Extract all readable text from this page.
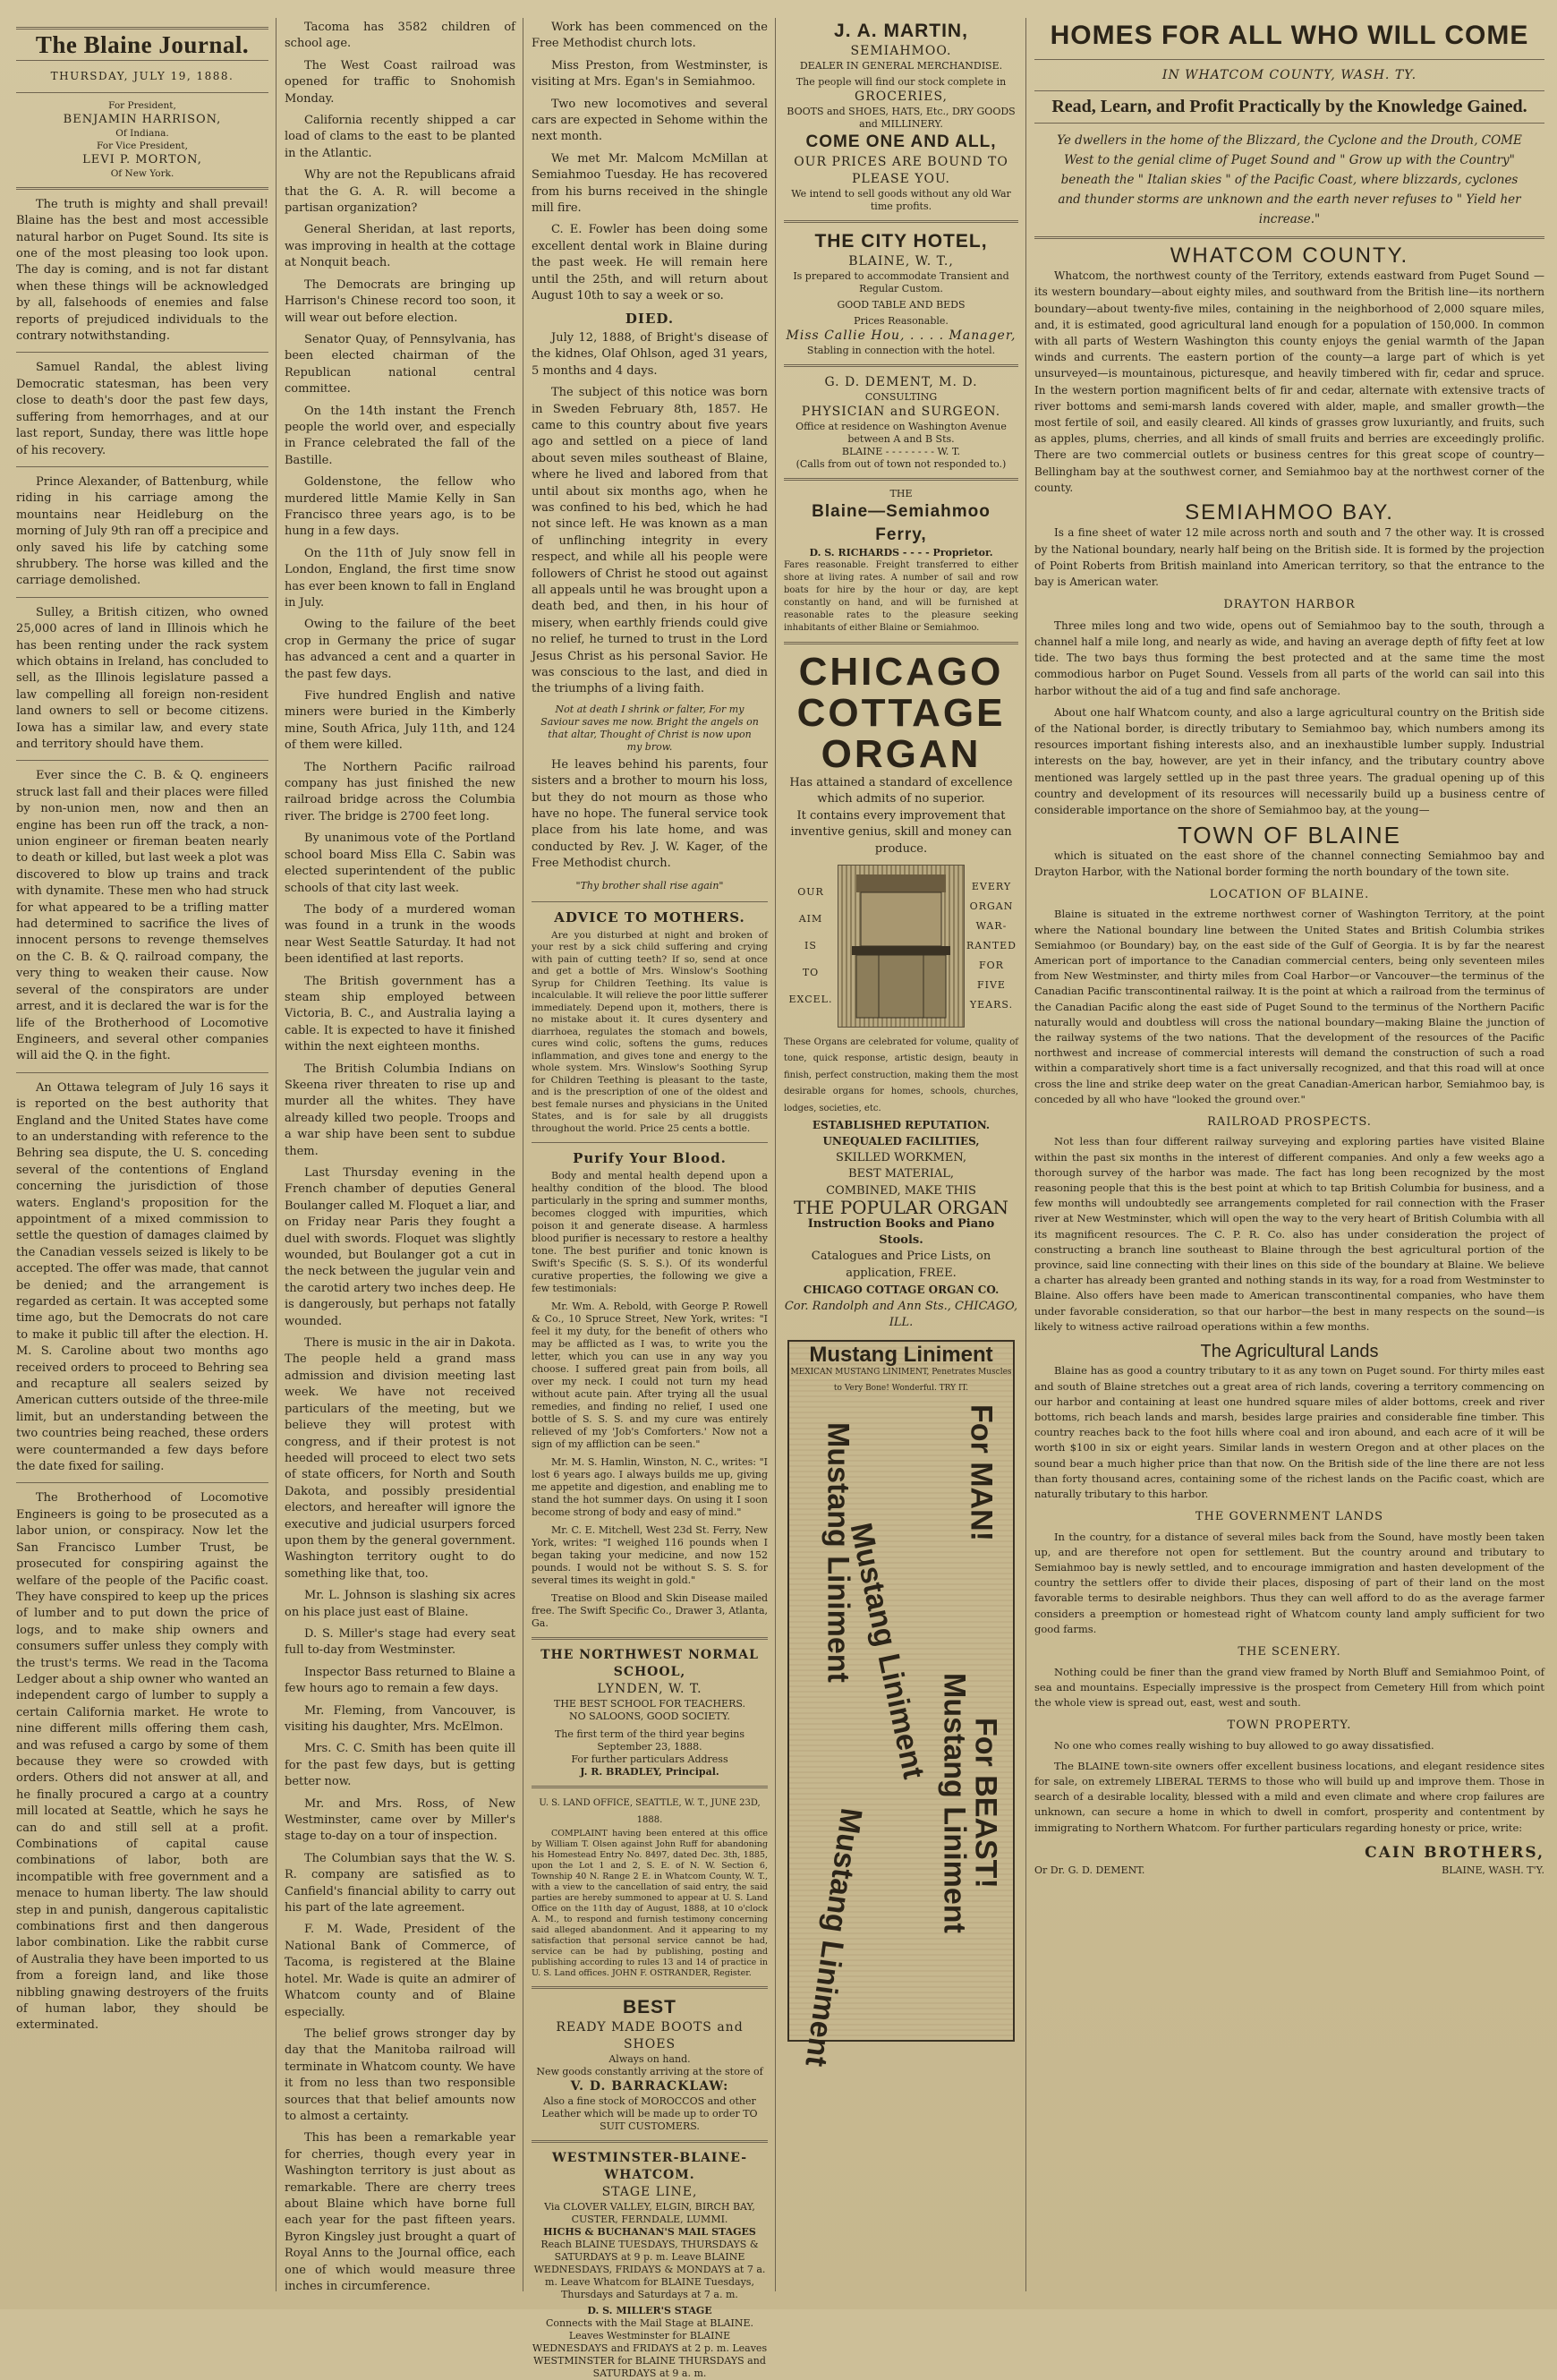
The Blaine Journal.
THURSDAY, JULY 19, 1888.
For President,
BENJAMIN HARRISON,
Of Indiana.
For Vice President,
LEVI P. MORTON,
Of New York.

The truth is mighty and shall prevail! Blaine has the best and most accessible natural harbor on Puget Sound. Its site is one of the most pleasing too look upon. The day is coming, and is not far distant when these things will be acknowledged by all, falsehoods of enemies and false reports of prejudiced individuals to the contrary notwithstanding.

Samuel Randal, the ablest living Democratic statesman, has been very close to death's door the past few days, suffering from hemorrhages, and at our last report, Sunday, there was little hope of his recovery.

Prince Alexander, of Battenburg, while riding in his carriage among the mountains near Heidleburg on the morning of July 9th ran off a precipice and only saved his life by catching some shrubbery. The horse was killed and the carriage demolished.

Sulley, a British citizen, who owned 25,000 acres of land in Illinois which he has been renting under the rack system which obtains in Ireland, has concluded to sell, as the Illinois legislature passed a law compelling all foreign non-resident land owners to sell or become citizens. Iowa has a similar law, and every state and territory should have them.

Ever since the C. B. & Q. engineers struck last fall and their places were filled by non-union men, now and then an engine has been run off the track, a non-union engineer or fireman beaten nearly to death or killed, but last week a plot was discovered to blow up trains and track with dynamite. These men who had struck for what appeared to be a trifling matter had determined to sacrifice the lives of innocent persons to revenge themselves on the C. B. & Q. railroad company, the very thing to weaken their cause. Now several of the conspirators are under arrest, and it is declared the war is for the life of the Brotherhood of Locomotive Engineers, and several other companies will aid the Q. in the fight.

An Ottawa telegram of July 16 says it is reported on the best authority that England and the United States have come to an understanding with reference to the Behring sea dispute, the U. S. conceding several of the contentions of England concerning the jurisdiction of those waters. England's proposition for the appointment of a mixed commission to settle the question of damages claimed by the Canadian vessels seized is likely to be accepted. The offer was made, that cannot be denied; and the arrangement is regarded as certain. It was accepted some time ago, but the Democrats do not care to make it public till after the election. H. M. S. Caroline about two months ago received orders to proceed to Behring sea and recapture all sealers seized by American cutters outside of the three-mile limit, but an understanding between the two countries being reached, these orders were countermanded a few days before the date fixed for sailing.

The Brotherhood of Locomotive Engineers is going to be prosecuted as a labor union, or conspiracy. Now let the San Francisco Lumber Trust, be prosecuted for conspiring against the welfare of the people of the Pacific coast. They have conspired to keep up the prices of lumber and to put down the price of logs, and to make ship owners and consumers suffer unless they comply with the trust's terms. We read in the Tacoma Ledger about a ship owner who wanted an independent cargo of lumber to supply a certain California market. He wrote to nine different mills offering them cash, and was refused a cargo by some of them because they were so crowded with orders. Others did not answer at all, and he finally procured a cargo at a country mill located at Seattle, which he says he can do and still sell at a profit. Combinations of capital cause combinations of labor, both are incompatible with free government and a menace to human liberty. The law should step in and punish, dangerous capitalistic combinations first and then dangerous labor combination. Like the rabbit curse of Australia they have been imported to us from a foreign land, and like those nibbling gnawing destroyers of the fruits of human labor, they should be exterminated.

Tacoma has 3582 children of school age.

The West Coast railroad was opened for traffic to Snohomish Monday.

California recently shipped a car load of clams to the east to be planted in the Atlantic.

Why are not the Republicans afraid that the G. A. R. will become a partisan organization?

General Sheridan, at last reports, was improving in health at the cottage at Nonquit beach.

The Democrats are bringing up Harrison's Chinese record too soon, it will wear out before election.

Senator Quay, of Pennsylvania, has been elected chairman of the Republican national central committee.

On the 14th instant the French people the world over, and especially in France celebrated the fall of the Bastille.

Goldenstone, the fellow who murdered little Mamie Kelly in San Francisco three years ago, is to be hung in a few days.

On the 11th of July snow fell in London, England, the first time snow has ever been known to fall in England in July.

Owing to the failure of the beet crop in Germany the price of sugar has advanced a cent and a quarter in the past few days.

Five hundred English and native miners were buried in the Kimberly mine, South Africa, July 11th, and 124 of them were killed.

The Northern Pacific railroad company has just finished the new railroad bridge across the Columbia river. The bridge is 2700 feet long.

By unanimous vote of the Portland school board Miss Ella C. Sabin was elected superintendent of the public schools of that city last week.

The body of a murdered woman was found in a trunk in the woods near West Seattle Saturday. It had not been identified at last reports.

The British government has a steam ship employed between Victoria, B. C., and Australia laying a cable. It is expected to have it finished within the next eighteen months.

The British Columbia Indians on Skeena river threaten to rise up and murder all the whites. They have already killed two people. Troops and a war ship have been sent to subdue them.

Last Thursday evening in the French chamber of deputies General Boulanger called M. Floquet a liar, and on Friday near Paris they fought a duel with swords. Floquet was slightly wounded, but Boulanger got a cut in the neck between the jugular vein and the carotid artery two inches deep. He is dangerously, but perhaps not fatally wounded.

There is music in the air in Dakota. The people held a grand mass admission and division meeting last week. We have not received particulars of the meeting, but we believe they will protest with congress, and if their protest is not heeded will proceed to elect two sets of state officers, for North and South Dakota, and possibly presidential electors, and hereafter will ignore the executive and judicial usurpers forced upon them by the general government. Washington territory ought to do something like that, too.

Mr. L. Johnson is slashing six acres on his place just east of Blaine.

D. S. Miller's stage had every seat full to-day from Westminster.

Inspector Bass returned to Blaine a few hours ago to remain a few days.

Mr. Fleming, from Vancouver, is visiting his daughter, Mrs. McElmon.

Mrs. C. C. Smith has been quite ill for the past few days, but is getting better now.

Mr. and Mrs. Ross, of New Westminster, came over by Miller's stage to-day on a tour of inspection.

The Columbian says that the W. S. R. company are satisfied as to Canfield's financial ability to carry out his part of the late agreement.

F. M. Wade, President of the National Bank of Commerce, of Tacoma, is registered at the Blaine hotel. Mr. Wade is quite an admirer of Whatcom county and of Blaine especially.

The belief grows stronger day by day that the Manitoba railroad will terminate in Whatcom county. We have it from no less than two responsible sources that that belief amounts now to almost a certainty.

This has been a remarkable year for cherries, though every year in Washington territory is just about as remarkable. There are cherry trees about Blaine which have borne full each year for the past fifteen years. Byron Kingsley just brought a quart of Royal Anns to the Journal office, each one of which would measure three inches in circumference.

Work has been commenced on the Free Methodist church lots.

Miss Preston, from Westminster, is visiting at Mrs. Egan's in Semiahmoo.

Two new locomotives and several cars are expected in Sehome within the next month.

We met Mr. Malcom McMillan at Semiahmoo Tuesday. He has recovered from his burns received in the shingle mill fire.

C. E. Fowler has been doing some excellent dental work in Blaine during the past week. He will remain here until the 25th, and will return about August 10th to say a week or so.

DIED.

July 12, 1888, of Bright's disease of the kidnes, Olaf Ohlson, aged 31 years, 5 months and 4 days.

The subject of this notice was born in Sweden February 8th, 1857. He came to this country about five years ago and settled on a piece of land about seven miles southeast of Blaine, where he lived and labored from that until about six months ago, when he was confined to his bed, which he had not since left. He was known as a man of unflinching integrity in every respect, and while all his people were followers of Christ he stood out against all appeals until he was brought upon a death bed, and then, in his hour of misery, when earthly friends could give no relief, he turned to trust in the Lord Jesus Christ as his personal Savior. He was conscious to the last, and died in the triumphs of a living faith.

Not at death I shrink or falter, For my Saviour saves me now. Bright the angels on that altar, Thought of Christ is now upon my brow.

He leaves behind his parents, four sisters and a brother to mourn his loss, but they do not mourn as those who have no hope. The funeral service took place from his late home, and was conducted by Rev. J. W. Kager, of the Free Methodist church.

"Thy brother shall rise again"
ADVICE TO MOTHERS.

Are you disturbed at night and broken of your rest by a sick child suffering and crying with pain of cutting teeth? If so, send at once and get a bottle of Mrs. Winslow's Soothing Syrup for Children Teething. Its value is incalculable. It will relieve the poor little sufferer immediately. Depend upon it, mothers, there is no mistake about it. It cures dysentery and diarrhoea, regulates the stomach and bowels, cures wind colic, softens the gums, reduces inflammation, and gives tone and energy to the whole system. Mrs. Winslow's Soothing Syrup for Children Teething is pleasant to the taste, and is the prescription of one of the oldest and best female nurses and physicians in the United States, and is for sale by all druggists throughout the world. Price 25 cents a bottle.

Purify Your Blood.

Body and mental health depend upon a healthy condition of the blood. The blood particularly in the spring and summer months, becomes clogged with impurities, which poison it and generate disease. A harmless blood purifier is necessary to restore a healthy tone. The best purifier and tonic known is Swift's Specific (S. S. S.). Of its wonderful curative properties, the following we give a few testimonials:

Mr. Wm. A. Rebold, with George P. Rowell & Co., 10 Spruce Street, New York, writes: "I feel it my duty, for the benefit of others who may be afflicted as I was, to write you the letter, which you can use in any way you choose. I suffered great pain from boils, all over my neck. I could not turn my head without acute pain. After trying all the usual remedies, and finding no relief, I used one bottle of S. S. S. and my cure was entirely relieved of my 'Job's Comforters.' Now not a sign of my affliction can be seen."

Mr. M. S. Hamlin, Winston, N. C., writes: "I lost 6 years ago. I always builds me up, giving me appetite and digestion, and enabling me to stand the hot summer days. On using it I soon become strong of body and easy of mind."

Mr. C. E. Mitchell, West 23d St. Ferry, New York, writes: "I weighed 116 pounds when I began taking your medicine, and now 152 pounds. I would not be without S. S. S. for several times its weight in gold."

Treatise on Blood and Skin Disease mailed free. The Swift Specific Co., Drawer 3, Atlanta, Ga.

THE NORTHWEST NORMAL SCHOOL,
LYNDEN, W. T.
THE BEST SCHOOL FOR TEACHERS.
NO SALOONS, GOOD SOCIETY.
The first term of the third year begins September 23, 1888.
For further particulars Address
J. R. BRADLEY, Principal.
U. S. LAND OFFICE, SEATTLE, W. T., JUNE 23D, 1888.

COMPLAINT having been entered at this office by William T. Olsen against John Ruff for abandoning his Homestead Entry No. 8497, dated Dec. 3th, 1885, upon the Lot 1 and 2, S. E. of N. W. Section 6, Township 40 N. Range 2 E. in Whatcom County, W. T., with a view to the cancellation of said entry, the said parties are hereby summoned to appear at U. S. Land Office on the 11th day of August, 1888, at 10 o'clock A. M., to respond and furnish testimony concerning said alleged abandonment. And it appearing to my satisfaction that personal service cannot be had, service can be had by publishing, posting and publishing according to rules 13 and 14 of practice in U. S. Land offices. JOHN F. OSTRANDER, Register.

BEST
READY MADE BOOTS and SHOES
Always on hand.
New goods constantly arriving at the store of
V. D. BARRACKLAW:
Also a fine stock of MOROCCOS and other Leather which will be made up to order TO SUIT CUSTOMERS.
WESTMINSTER-BLAINE-WHATCOM.
STAGE LINE,
Via CLOVER VALLEY, ELGIN, BIRCH BAY, CUSTER, FERNDALE, LUMMI.
HICHS & BUCHANAN'S MAIL STAGES
Reach BLAINE TUESDAYS, THURSDAYS & SATURDAYS at 9 p. m. Leave BLAINE WEDNESDAYS, FRIDAYS & MONDAYS at 7 a. m. Leave Whatcom for BLAINE Tuesdays, Thursdays and Saturdays at 7 a. m.
D. S. MILLER'S STAGE
Connects with the Mail Stage at BLAINE. Leaves Westminster for BLAINE WEDNESDAYS and FRIDAYS at 2 p. m. Leaves WESTMINSTER for BLAINE THURSDAYS and SATURDAYS at 9 a. m.
J. A. MARTIN,
SEMIAHMOO.
DEALER IN GENERAL MERCHANDISE.
The people will find our stock complete in
GROCERIES,
BOOTS and SHOES, HATS, Etc., DRY GOODS and MILLINERY.
COME ONE AND ALL,
OUR PRICES ARE BOUND TO PLEASE YOU.
We intend to sell goods without any old War time profits.
THE CITY HOTEL,
BLAINE, W. T.,
Is prepared to accommodate Transient and Regular Custom.
GOOD TABLE AND BEDS
Prices Reasonable.
Miss Callie Hou, . . . . Manager,
Stabling in connection with the hotel.
G. D. DEMENT, M. D.
CONSULTING
PHYSICIAN and SURGEON.
Office at residence on Washington Avenue between A and B Sts.
BLAINE - - - - - - - - W. T.
(Calls from out of town not responded to.)
THE
Blaine—Semiahmoo Ferry,
D. S. RICHARDS - - - - Proprietor.
Fares reasonable. Freight transferred to either shore at living rates. A number of sail and row boats for hire by the hour or day, are kept constantly on hand, and will be furnished at reasonable rates to the pleasure seeking inhabitants of either Blaine or Semiahmoo.
CHICAGO
COTTAGE
ORGAN
Has attained a standard of excellence which admits of no superior.
It contains every improvement that inventive genius, skill and money can produce.
OUR
AIM
IS
TO
EXCEL.
EVERY
ORGAN
WAR-
RANTED
FOR
FIVE
YEARS.
These Organs are celebrated for volume, quality of tone, quick response, artistic design, beauty in finish, perfect construction, making them the most desirable organs for homes, schools, churches, lodges, societies, etc.
ESTABLISHED REPUTATION.
UNEQUALED FACILITIES,
SKILLED WORKMEN,
BEST MATERIAL,
COMBINED, MAKE THIS
THE POPULAR ORGAN
Instruction Books and Piano Stools.
Catalogues and Price Lists, on application, FREE.
CHICAGO COTTAGE ORGAN CO.
Cor. Randolph and Ann Sts., CHICAGO, ILL.
Mustang Liniment
MEXICAN MUSTANG LINIMENT, Penetrates Muscles to Very Bone! Wonderful. TRY IT.
For MAN!
Mustang Liniment
Mustang Liniment
Mustang Liniment
For BEAST!
Mustang Liniment
HOMES FOR ALL WHO WILL COME
IN WHATCOM COUNTY, WASH. TY.
Read, Learn, and Profit Practically by the Knowledge Gained.
Ye dwellers in the home of the Blizzard, the Cyclone and the Drouth, COME West to the genial clime of Puget Sound and " Grow up with the Country" beneath the " Italian skies " of the Pacific Coast, where blizzards, cyclones and thunder storms are unknown and the earth never refuses to " Yield her increase."
WHATCOM COUNTY.

Whatcom, the northwest county of the Territory, extends eastward from Puget Sound —its western boundary—about eighty miles, and southward from the British line—its northern boundary—about twenty-five miles, containing in the neighborhood of 2,000 square miles, and, it is estimated, good agricultural land enough for a population of 150,000. In common with all parts of Western Washington this county enjoys the genial warmth of the Japan winds and currents. The eastern portion of the county—a large part of which is yet unsurveyed—is mountainous, picturesque, and heavily timbered with fir, cedar and spruce. In the western portion magnificent belts of fir and cedar, alternate with extensive tracts of river bottoms and semi-marsh lands covered with alder, maple, and smaller growth—the most fertile of soil, and easily cleared. All kinds of grasses grow luxuriantly, and fruits, such as apples, plums, cherries, and all kinds of small fruits and berries are exceedingly prolific. There are two commercial outlets or business centres for this great scope of country—Bellingham bay at the southwest corner, and Semiahmoo bay at the northwest corner of the county.

SEMIAHMOO BAY.

Is a fine sheet of water 12 mile across north and south and 7 the other way. It is crossed by the National boundary, nearly half being on the British side. It is formed by the projection of Point Roberts from British mainland into American territory, so that the entrance to the bay is American water.

DRAYTON HARBOR

Three miles long and two wide, opens out of Semiahmoo bay to the south, through a channel half a mile long, and nearly as wide, and having an average depth of fifty feet at low tide. The two bays thus forming the best protected and at the same time the most commodious harbor on Puget Sound. Vessels from all parts of the world can sail into this harbor without the aid of a tug and find safe anchorage.

About one half Whatcom county, and also a large agricultural country on the British side of the National border, is directly tributary to Semiahmoo bay, which numbers among its resources important fishing interests also, and an inexhaustible lumber supply. Industrial interests on the bay, however, are yet in their infancy, and the tributary country above mentioned was largely settled up in the past three years. The gradual opening up of this country and development of its resources will necessarily build up a business centre of considerable importance on the shore of Semiahmoo bay, at the young—

TOWN OF BLAINE

which is situated on the east shore of the channel connecting Semiahmoo bay and Drayton Harbor, with the National border forming the north boundary of the town site.

LOCATION OF BLAINE.

Blaine is situated in the extreme northwest corner of Washington Territory, at the point where the National boundary line between the United States and British Columbia strikes Semiahmoo (or Boundary) bay, on the east side of the Gulf of Georgia. It is by far the nearest American port of importance to the Canadian commercial centers, being only seventeen miles from New Westminster, and thirty miles from Coal Harbor—or Vancouver—the terminus of the Canadian Pacific transcontinental railway. It is the point at which a railroad from the terminus of the Canadian Pacific along the east side of Puget Sound to the terminus of the Northern Pacific naturally would and doubtless will cross the national boundary—making Blaine the junction of the railway systems of the two nations. That the development of the resources of the Pacific northwest and increase of commercial interests will demand the construction of such a road within a comparatively short time is a fact universally recognized, and that this road will at once cross the line and strike deep water on the great Canadian-American harbor, Semiahmoo bay, is conceded by all who have "looked the ground over."

RAILROAD PROSPECTS.

Not less than four different railway surveying and exploring parties have visited Blaine within the past six months in the interest of different companies. And only a few weeks ago a thorough survey of the harbor was made. The fact has long been recognized by the most reasoning people that this is the best point at which to tap British Columbia for business, and a few months will undoubtedly see arrangements completed for rail connection with the Fraser river at New Westminster, which will open the way to the very heart of British Columbia with all its magnificent resources. The C. P. R. Co. also has under consideration the project of constructing a branch line southeast to Blaine through the best agricultural portion of the province, said line connecting with their lines on this side of the boundary at Blaine. We believe a charter has already been granted and nothing stands in its way, for a road from Westminster to Blaine. Also offers have been made to American transcontinental companies, who have them under favorable consideration, so that our harbor—the best in many respects on the sound—is likely to witness active railroad operations within a few months.

The Agricultural Lands

Blaine has as good a country tributary to it as any town on Puget sound. For thirty miles east and south of Blaine stretches out a great area of rich lands, covering a territory commencing on our harbor and containing at least one hundred square miles of alder bottoms, creek and river bottoms, rich beach lands and marsh, besides large prairies and considerable fine timber. This country reaches back to the foot hills where coal and iron abound, and each acre of it will be worth $100 in six or eight years. Similar lands in western Oregon and at other places on the sound bear a much higher price than that now. On the British side of the line there are not less than forty thousand acres, containing some of the richest lands on the Pacific coast, which are naturally tributary to this harbor.

THE GOVERNMENT LANDS

In the country, for a distance of several miles back from the Sound, have mostly been taken up, and are therefore not open for settlement. But the country around and tributary to Semiahmoo bay is newly settled, and to encourage immigration and hasten development of the country the settlers offer to divide their places, disposing of part of their land on the most favorable terms to desirable neighbors. Thus they can well afford to do as the average farmer considers a preemption or homestead right of Whatcom county land amply sufficient for two good farms.

THE SCENERY.

Nothing could be finer than the grand view framed by North Bluff and Semiahmoo Point, of sea and mountains. Especially impressive is the prospect from Cemetery Hill from which point the whole view is spread out, east, west and south.

TOWN PROPERTY.

No one who comes really wishing to buy allowed to go away dissatisfied.

The BLAINE town-site owners offer excellent business locations, and elegant residence sites for sale, on extremely LIBERAL TERMS to those who will build up and improve them. Those in search of a desirable locality, blessed with a mild and even climate and where crop failures are unknown, can secure a home in which to dwell in comfort, prosperity and contentment by immigrating to Northern Whatcom. For further particulars regarding honesty or price, write:

CAIN BROTHERS,
Or Dr. G. D. DEMENT.	BLAINE, WASH. T'Y.
